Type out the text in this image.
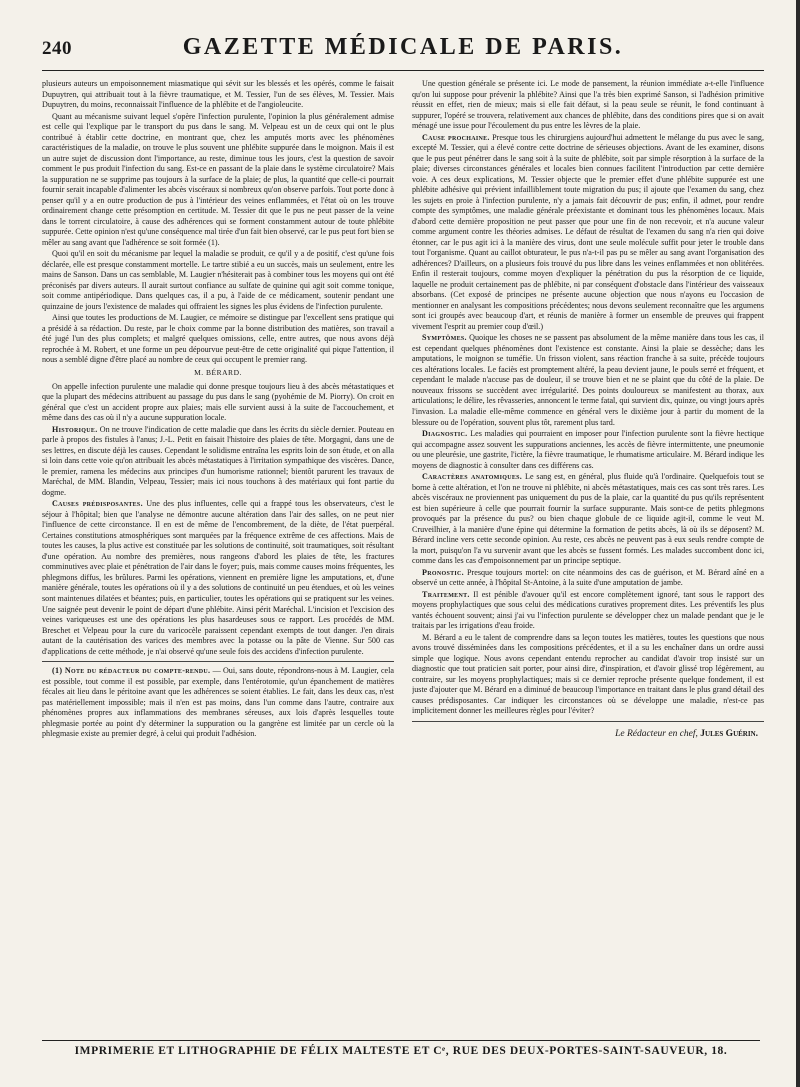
240	GAZETTE MÉDICALE DE PARIS.

plusieurs auteurs un empoisonnement miasmatique qui sévit sur les blessés et les opérés, comme le faisait Dupuytren, qui attribuait tout à la fièvre traumatique, et M. Tessier, l'un de ses élèves, M. Tessier. Mais Dupuytren, du moins, reconnaissait l'influence de la phlébite et de l'angioleucite.

Quant au mécanisme suivant lequel s'opère l'infection purulente, l'opinion la plus généralement admise est celle qui l'explique par le transport du pus dans le sang. M. Velpeau est un de ceux qui ont le plus contribué à établir cette doctrine, en montrant que, chez les amputés morts avec les phénomènes caractéristiques de la maladie, on trouve le plus souvent une phlébite suppurée dans le moignon. Mais il est un autre sujet de discussion dont l'importance, au reste, diminue tous les jours, c'est la question de savoir comment le pus produit l'infection du sang. Est-ce en passant de la plaie dans le système circulatoire? Mais la suppuration ne se supprime pas toujours à la surface de la plaie; de plus, la quantité que celle-ci pourrait fournir serait incapable d'alimenter les abcès viscéraux si nombreux qu'on observe parfois. Tout porte donc à penser qu'il y a en outre production de pus à l'intérieur des veines enflammées, et l'état où on les trouve ordinairement change cette présomption en certitude. M. Tessier dit que le pus ne peut passer de la veine dans le torrent circulatoire, à cause des adhérences qui se forment constamment autour de toute phlébite suppurée. Cette opinion n'est qu'une conséquence mal tirée d'un fait bien observé, car le pus peut fort bien se mêler au sang avant que l'adhérence se soit formée (1).

Quoi qu'il en soit du mécanisme par lequel la maladie se produit, ce qu'il y a de positif, c'est qu'une fois déclarée, elle est presque constamment mortelle. Le tartre stibié a eu un succès, mais un seulement, entre les mains de Sanson. Dans un cas semblable, M. Laugier n'hésiterait pas à combiner tous les moyens qui ont été préconisés par divers auteurs. Il aurait surtout confiance au sulfate de quinine qui agit soit comme tonique, soit comme antipériodique. Dans quelques cas, il a pu, à l'aide de ce médicament, soutenir pendant une quinzaine de jours l'existence de malades qui offraient les signes les plus évidens de l'infection purulente.

Ainsi que toutes les productions de M. Laugier, ce mémoire se distingue par l'excellent sens pratique qui a présidé à sa rédaction. Du reste, par le choix comme par la bonne distribution des matières, son travail a été jugé l'un des plus complets; et malgré quelques omissions, celle, entre autres, que nous avons déjà reprochée à M. Robert, et une forme un peu dépourvue peut-être de cette originalité qui pique l'attention, il nous a semblé digne d'être placé au nombre de ceux qui occupent le premier rang.

M. BÉRARD.

On appelle infection purulente une maladie qui donne presque toujours lieu à des abcès métastatiques et que la plupart des médecins attribuent au passage du pus dans le sang (pyohémie de M. Piorry). On croit en général que c'est un accident propre aux plaies; mais elle survient aussi à la suite de l'accouchement, et même dans des cas où il n'y a aucune suppuration locale.

Historique. On ne trouve l'indication de cette maladie que dans les écrits du siècle dernier. Pouteau en parle à propos des fistules à l'anus; J.-L. Petit en faisait l'histoire des plaies de tête. Morgagni, dans une de ses lettres, en discute déjà les causes. Cependant le solidisme entraîna les esprits loin de son étude, et on alla si loin dans cette voie qu'on attribuait les abcès métastatiques à l'irritation sympathique des viscères. Dance, le premier, ramena les médecins aux principes d'un humorisme rationnel; bientôt parurent les travaux de Maréchal, de MM. Blandin, Velpeau, Tessier; mais ici nous touchons à des matériaux qui font partie du dogme.

Causes prédisposantes. Une des plus influentes, celle qui a frappé tous les observateurs, c'est le séjour à l'hôpital; bien que l'analyse ne démontre aucune altération dans l'air des salles, on ne peut nier l'influence de cette circonstance. Il en est de même de l'encombrement, de la diète, de l'état puerpéral. Certaines constitutions atmosphériques sont marquées par la fréquence extrême de ces affections. Mais de toutes les causes, la plus active est constituée par les solutions de continuité, soit traumatiques, soit résultant d'une opération. Au nombre des premières, nous rangeons d'abord les plaies de tête, les fractures comminutives avec plaie et pénétration de l'air dans le foyer; puis, mais comme causes moins fréquentes, les phlegmons diffus, les brûlures. Parmi les opérations, viennent en première ligne les amputations, et, d'une manière générale, toutes les opérations où il y a des solutions de continuité un peu étendues, et où les veines sont maintenues dilatées et béantes; puis, en particulier, toutes les opérations qui se pratiquent sur les veines. Une saignée peut devenir le point de départ d'une phlébite. Ainsi périt Maréchal. L'incision et l'excision des veines variqueuses est une des opérations les plus hasardeuses sous ce rapport. Les procédés de MM. Breschet et Velpeau pour la cure du varicocèle paraissent cependant exempts de tout danger. J'en dirais autant de la cautérisation des varices des membres avec la potasse ou la pâte de Vienne. Sur 500 cas d'applications de cette méthode, je n'ai observé qu'une seule fois des accidens d'infection purulente.

(1) Note du rédacteur du compte-rendu. — Oui, sans doute, répondrons-nous à M. Laugier, cela est possible, tout comme il est possible, par exemple, dans l'entérotomie, qu'un épanchement de matières fécales ait lieu dans le péritoine avant que les adhérences se soient établies. Le fait, dans les deux cas, n'est pas matériellement impossible; mais il n'en est pas moins, dans l'un comme dans l'autre, contraire aux phénomènes propres aux inflammations des membranes séreuses, aux lois d'après lesquelles toute phlegmasie portée au point d'y déterminer la suppuration ou la gangrène est limitée par un cercle où la phlegmasie existe au premier degré, à celui qui produit l'adhésion.

Une question générale se présente ici. Le mode de pansement, la réunion immédiate a-t-elle l'influence qu'on lui suppose pour prévenir la phlébite? Ainsi que l'a très bien exprimé Sanson, si l'adhésion primitive réussit en effet, rien de mieux; mais si elle fait défaut, si la peau seule se réunit, le fond continuant à suppurer, l'opéré se trouvera, relativement aux chances de phlébite, dans des conditions pires que si on avait ménagé une issue pour l'écoulement du pus entre les lèvres de la plaie.

Cause prochaine. Presque tous les chirurgiens aujourd'hui admettent le mélange du pus avec le sang, excepté M. Tessier, qui a élevé contre cette doctrine de sérieuses objections. Avant de les examiner, disons que le pus peut pénétrer dans le sang soit à la suite de phlébite, soit par simple résorption à la surface de la plaie; diverses circonstances générales et locales bien connues facilitent l'introduction par cette dernière voie. A ces deux explications, M. Tessier objecte que le premier effet d'une phlébite suppurée est une phlébite adhésive qui prévient infailliblement toute migration du pus; il ajoute que l'examen du sang, chez les sujets en proie à l'infection purulente, n'y a jamais fait découvrir de pus; enfin, il admet, pour rendre compte des symptômes, une maladie générale préexistante et dominant tous les phénomènes locaux. Mais d'abord cette dernière proposition ne peut passer que pour une fin de non recevoir, et n'a aucune valeur comme argument contre les théories admises. Le défaut de résultat de l'examen du sang n'a rien qui doive étonner, car le pus agit ici à la manière des virus, dont une seule molécule suffit pour jeter le trouble dans tout l'organisme. Quant au caillot obturateur, le pus n'a-t-il pas pu se mêler au sang avant l'organisation des adhérences? D'ailleurs, on a plusieurs fois trouvé du pus libre dans les veines enflammées et non oblitérées. Enfin il resterait toujours, comme moyen d'expliquer la pénétration du pus la résorption de ce liquide, laquelle ne produit certainement pas de phlébite, ni par conséquent d'obstacle dans l'intérieur des vaisseaux absorbans. (Cet exposé de principes ne présente aucune objection que nous n'ayons eu l'occasion de mentionner en analysant les compositions précédentes; nous devons seulement reconnaître que les argumens sont ici groupés avec beaucoup d'art, et réunis de manière à former un ensemble de preuves qui frappent vivement l'esprit au premier coup d'œil.)

Symptômes. Quoique les choses ne se passent pas absolument de la même manière dans tous les cas, il est cependant quelques phénomènes dont l'existence est constante. Ainsi la plaie se dessèche; dans les amputations, le moignon se tuméfie. Un frisson violent, sans réaction franche à sa suite, précède toujours ces altérations locales. Le faciès est promptement altéré, la peau devient jaune, le pouls serré et fréquent, et cependant le malade n'accuse pas de douleur, il se trouve bien et ne se plaint que du côté de la plaie. De nouveaux frissons se succèdent avec irrégularité. Des points douloureux se manifestent au thorax, aux articulations; le délire, les rêvasseries, annoncent le terme fatal, qui survient dix, quinze, ou vingt jours après l'invasion. La maladie elle-même commence en général vers le dixième jour à partir du moment de la blessure ou de l'opération, souvent plus tôt, rarement plus tard.

Diagnostic. Les maladies qui pourraient en imposer pour l'infection purulente sont la fièvre hectique qui accompagne assez souvent les suppurations anciennes, les accès de fièvre intermittente, une pneumonie ou une pleurésie, une gastrite, l'ictère, la fièvre traumatique, le rhumatisme articulaire. M. Bérard indique les moyens de diagnostic à consulter dans ces différens cas.

Caractères anatomiques. Le sang est, en général, plus fluide qu'à l'ordinaire. Quelquefois tout se borne à cette altération, et l'on ne trouve ni phlébite, ni abcès métastatiques, mais ces cas sont très rares. Les abcès viscéraux ne proviennent pas uniquement du pus de la plaie, car la quantité du pus qu'ils représentent est bien supérieure à celle que pourrait fournir la surface suppurante. Mais sont-ce de petits phlegmons provoqués par la présence du pus? ou bien chaque globule de ce liquide agit-il, comme le veut M. Cruveilhier, à la manière d'une épine qui détermine la formation de petits abcès, là où ils se déposent? M. Bérard incline vers cette seconde opinion. Au reste, ces abcès ne peuvent pas à eux seuls rendre compte de la mort, puisqu'on l'a vu survenir avant que les abcès se fussent formés. Les malades succombent donc ici, comme dans les cas d'empoisonnement par un principe septique.

Pronostic. Presque toujours mortel: on cite néanmoins des cas de guérison, et M. Bérard aîné en a observé un cette année, à l'hôpital St-Antoine, à la suite d'une amputation de jambe.

Traitement. Il est pénible d'avouer qu'il est encore complètement ignoré, tant sous le rapport des moyens prophylactiques que sous celui des médications curatives proprement dites. Les préventifs les plus vantés échouent souvent; ainsi j'ai vu l'infection purulente se développer chez un malade pendant que je le traitais par les irrigations d'eau froide.

M. Bérard a eu le talent de comprendre dans sa leçon toutes les matières, toutes les questions que nous avons trouvé disséminées dans les compositions précédentes, et il a su les enchaîner dans un ordre aussi simple que logique. Nous avons cependant entendu reprocher au candidat d'avoir trop insisté sur un diagnostic que tout praticien sait porter, pour ainsi dire, d'inspiration, et d'avoir glissé trop légèrement, au contraire, sur les moyens prophylactiques; mais si ce dernier reproche présente quelque fondement, il est juste d'ajouter que M. Bérard en a diminué de beaucoup l'importance en traitant dans le plus grand détail des causes prédisposantes. Car indiquer les circonstances où se développe une maladie, n'est-ce pas implicitement donner les meilleures règles pour l'éviter?

Le Rédacteur en chef, Jules Guérin.
IMPRIMERIE ET LITHOGRAPHIE DE FÉLIX MALTESTE ET Cᵉ, RUE DES DEUX-PORTES-SAINT-SAUVEUR, 18.
